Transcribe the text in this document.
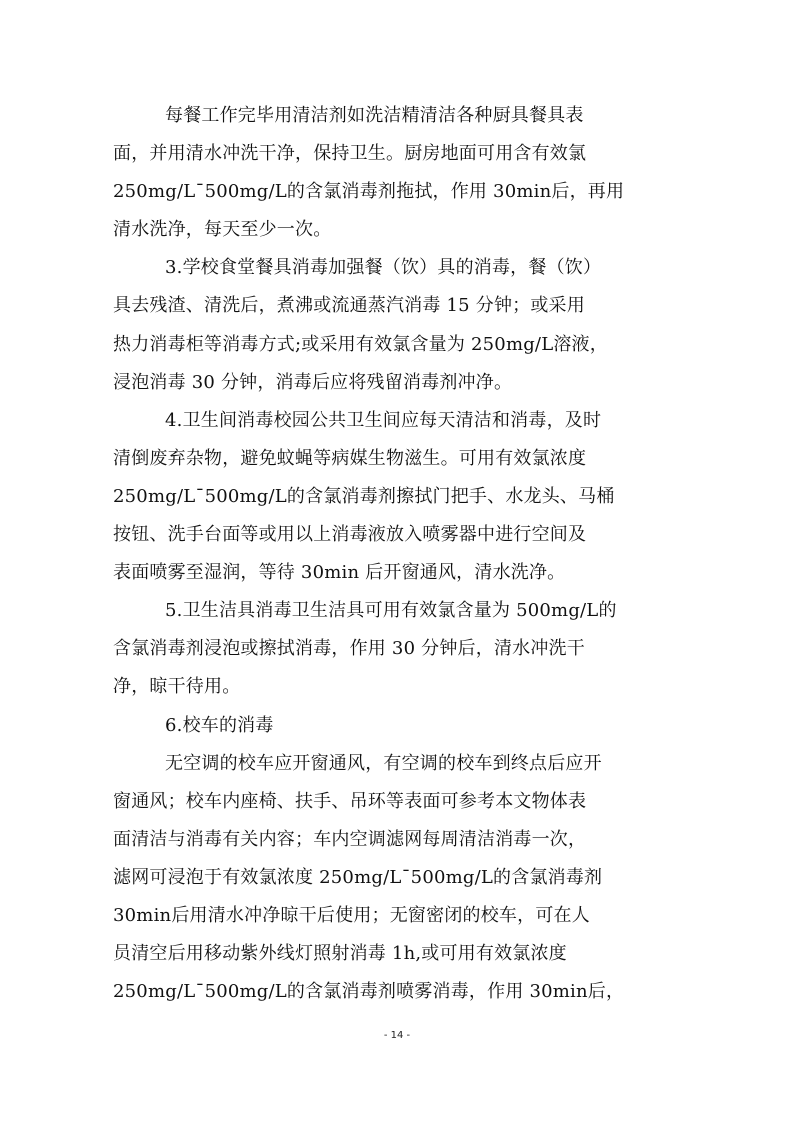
每餐工作完毕用清洁剂如洗洁精清洁各种厨具餐具表
面，并用清水冲洗干净，保持卫生。厨房地面可用含有效氯
250mg/L¯500mg/L的含氯消毒剂拖拭，作用 30min后，再用
清水洗净，每天至少一次。
3.学校食堂餐具消毒加强餐（饮）具的消毒，餐（饮）
具去残渣、清洗后，煮沸或流通蒸汽消毒 15 分钟；或采用
热力消毒柜等消毒方式;或采用有效氯含量为 250mg/L溶液，
浸泡消毒 30 分钟，消毒后应将残留消毒剂冲净。
4.卫生间消毒校园公共卫生间应每天清洁和消毒，及时
清倒废弃杂物，避免蚊蝇等病媒生物滋生。可用有效氯浓度
250mg/L¯500mg/L的含氯消毒剂擦拭门把手、水龙头、马桶
按钮、洗手台面等或用以上消毒液放入喷雾器中进行空间及
表面喷雾至湿润，等待 30min 后开窗通风，清水洗净。
5.卫生洁具消毒卫生洁具可用有效氯含量为 500mg/L的
含氯消毒剂浸泡或擦拭消毒，作用 30 分钟后，清水冲洗干
净，晾干待用。
6.校车的消毒
无空调的校车应开窗通风，有空调的校车到终点后应开
窗通风；校车内座椅、扶手、吊环等表面可参考本文物体表
面清洁与消毒有关内容；车内空调滤网每周清洁消毒一次，
滤网可浸泡于有效氯浓度 250mg/L¯500mg/L的含氯消毒剂
30min后用清水冲净晾干后使用；无窗密闭的校车，可在人
员清空后用移动紫外线灯照射消毒 1h,或可用有效氯浓度
250mg/L¯500mg/L的含氯消毒剂喷雾消毒，作用 30min后，
- 14 -
